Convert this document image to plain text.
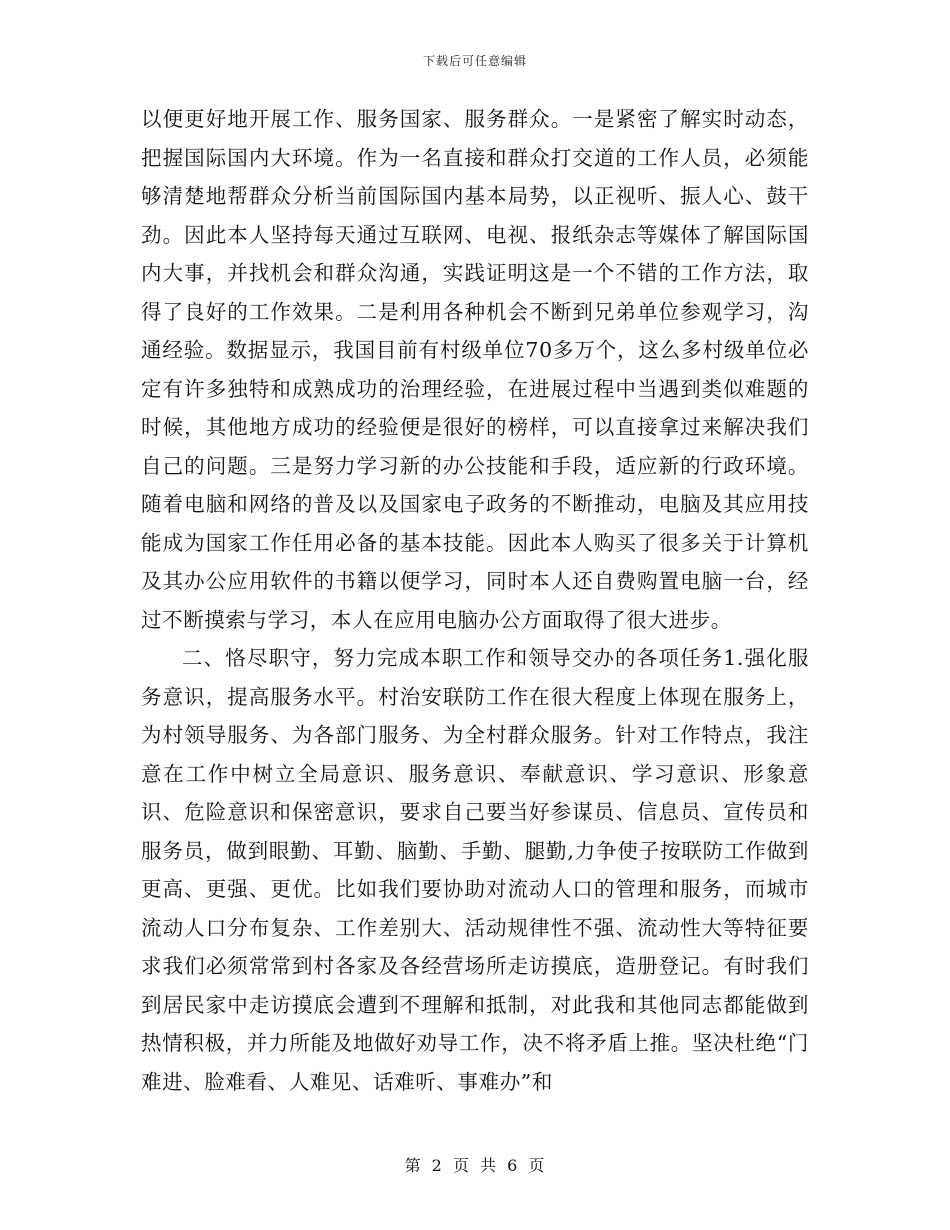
下载后可任意编辑

以便更好地开展工作、服务国家、服务群众。一是紧密了解实时动态，把握国际国内大环境。作为一名直接和群众打交道的工作人员，必须能够清楚地帮群众分析当前国际国内基本局势，以正视听、振人心、鼓干劲。因此本人坚持每天通过互联网、电视、报纸杂志等媒体了解国际国内大事，并找机会和群众沟通，实践证明这是一个不错的工作方法，取得了良好的工作效果。二是利用各种机会不断到兄弟单位参观学习，沟通经验。数据显示，我国目前有村级单位70多万个，这么多村级单位必定有许多独特和成熟成功的治理经验，在进展过程中当遇到类似难题的时候，其他地方成功的经验便是很好的榜样，可以直接拿过来解决我们自己的问题。三是努力学习新的办公技能和手段，适应新的行政环境。随着电脑和网络的普及以及国家电子政务的不断推动，电脑及其应用技能成为国家工作任用必备的基本技能。因此本人购买了很多关于计算机及其办公应用软件的书籍以便学习，同时本人还自费购置电脑一台，经过不断摸索与学习，本人在应用电脑办公方面取得了很大进步。

二、恪尽职守，努力完成本职工作和领导交办的各项任务1.强化服务意识，提高服务水平。村治安联防工作在很大程度上体现在服务上，为村领导服务、为各部门服务、为全村群众服务。针对工作特点，我注意在工作中树立全局意识、服务意识、奉献意识、学习意识、形象意识、危险意识和保密意识，要求自己要当好参谋员、信息员、宣传员和服务员，做到眼勤、耳勤、脑勤、手勤、腿勤,力争使子按联防工作做到更高、更强、更优。比如我们要协助对流动人口的管理和服务，而城市流动人口分布复杂、工作差别大、活动规律性不强、流动性大等特征要求我们必须常常到村各家及各经营场所走访摸底，造册登记。有时我们到居民家中走访摸底会遭到不理解和抵制，对此我和其他同志都能做到热情积极，并力所能及地做好劝导工作，决不将矛盾上推。坚决杜绝“门难进、脸难看、人难见、话难听、事难办”和

第 2 页 共 6 页
